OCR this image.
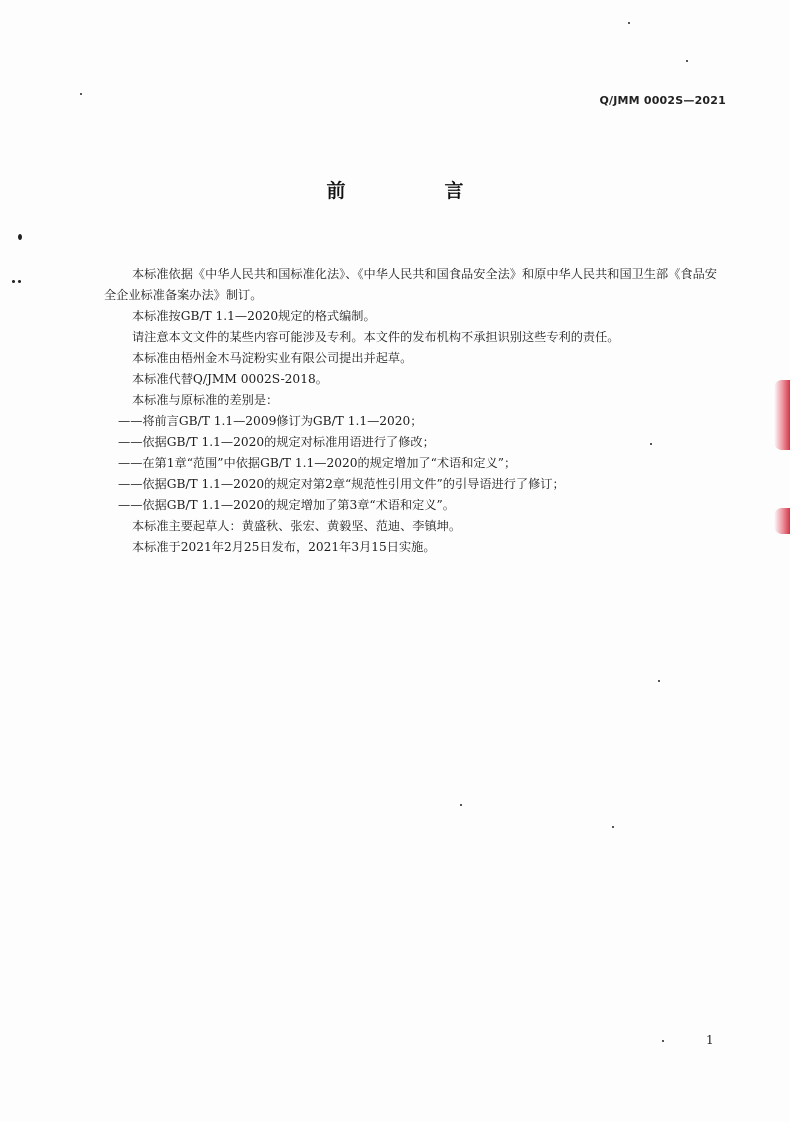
Q/JMM 0002S—2021
前　言

本标准依据《中华人民共和国标准化法》、《中华人民共和国食品安全法》和原中华人民共和国卫生部《食品安全企业标准备案办法》制订。

本标准按GB/T 1.1—2020规定的格式编制。

请注意本文文件的某些内容可能涉及专利。本文件的发布机构不承担识别这些专利的责任。

本标准由梧州金木马淀粉实业有限公司提出并起草。

本标准代替Q/JMM 0002S-2018。

本标准与原标准的差别是：

——将前言GB/T 1.1—2009修订为GB/T 1.1—2020；

——依据GB/T 1.1—2020的规定对标准用语进行了修改；

——在第1章“范围”中依据GB/T 1.1—2020的规定增加了“术语和定义”；

——依据GB/T 1.1—2020的规定对第2章“规范性引用文件”的引导语进行了修订；

——依据GB/T 1.1—2020的规定增加了第3章“术语和定义”。

本标准主要起草人：黄盛秋、张宏、黄毅坚、范迪、李镇坤。

本标准于2021年2月25日发布，2021年3月15日实施。

1
